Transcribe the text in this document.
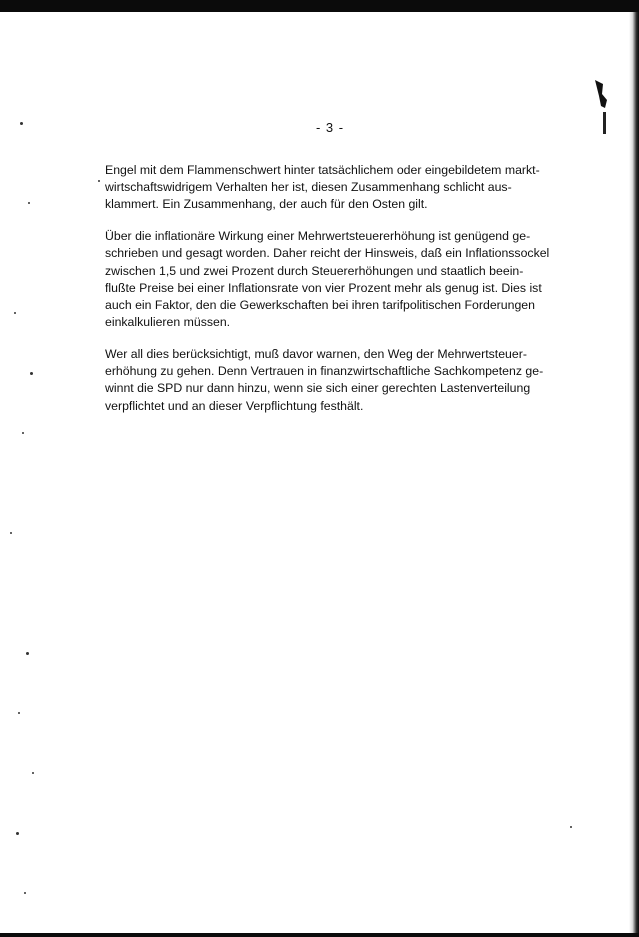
- 3 -

Engel mit dem Flammenschwert hinter tatsächlichem oder eingebildetem markt-
wirtschaftswidrigem Verhalten her ist, diesen Zusammenhang schlicht aus-
klammert. Ein Zusammenhang, der auch für den Osten gilt.

Über die inflationäre Wirkung einer Mehrwertsteuererhöhung ist genügend ge-
schrieben und gesagt worden. Daher reicht der Hinsweis, daß ein Inflationssockel
zwischen 1,5 und zwei Prozent durch Steuererhöhungen und staatlich beein-
flußte Preise bei einer Inflationsrate von vier Prozent mehr als genug ist. Dies ist
auch ein Faktor, den die Gewerkschaften bei ihren tarifpolitischen Forderungen
einkalkulieren müssen.

Wer all dies berücksichtigt, muß davor warnen, den Weg der Mehrwertsteuer-
erhöhung zu gehen. Denn Vertrauen in finanzwirtschaftliche Sachkompetenz ge-
winnt die SPD nur dann hinzu, wenn sie sich einer gerechten Lastenverteilung
verpflichtet und an dieser Verpflichtung festhält.
